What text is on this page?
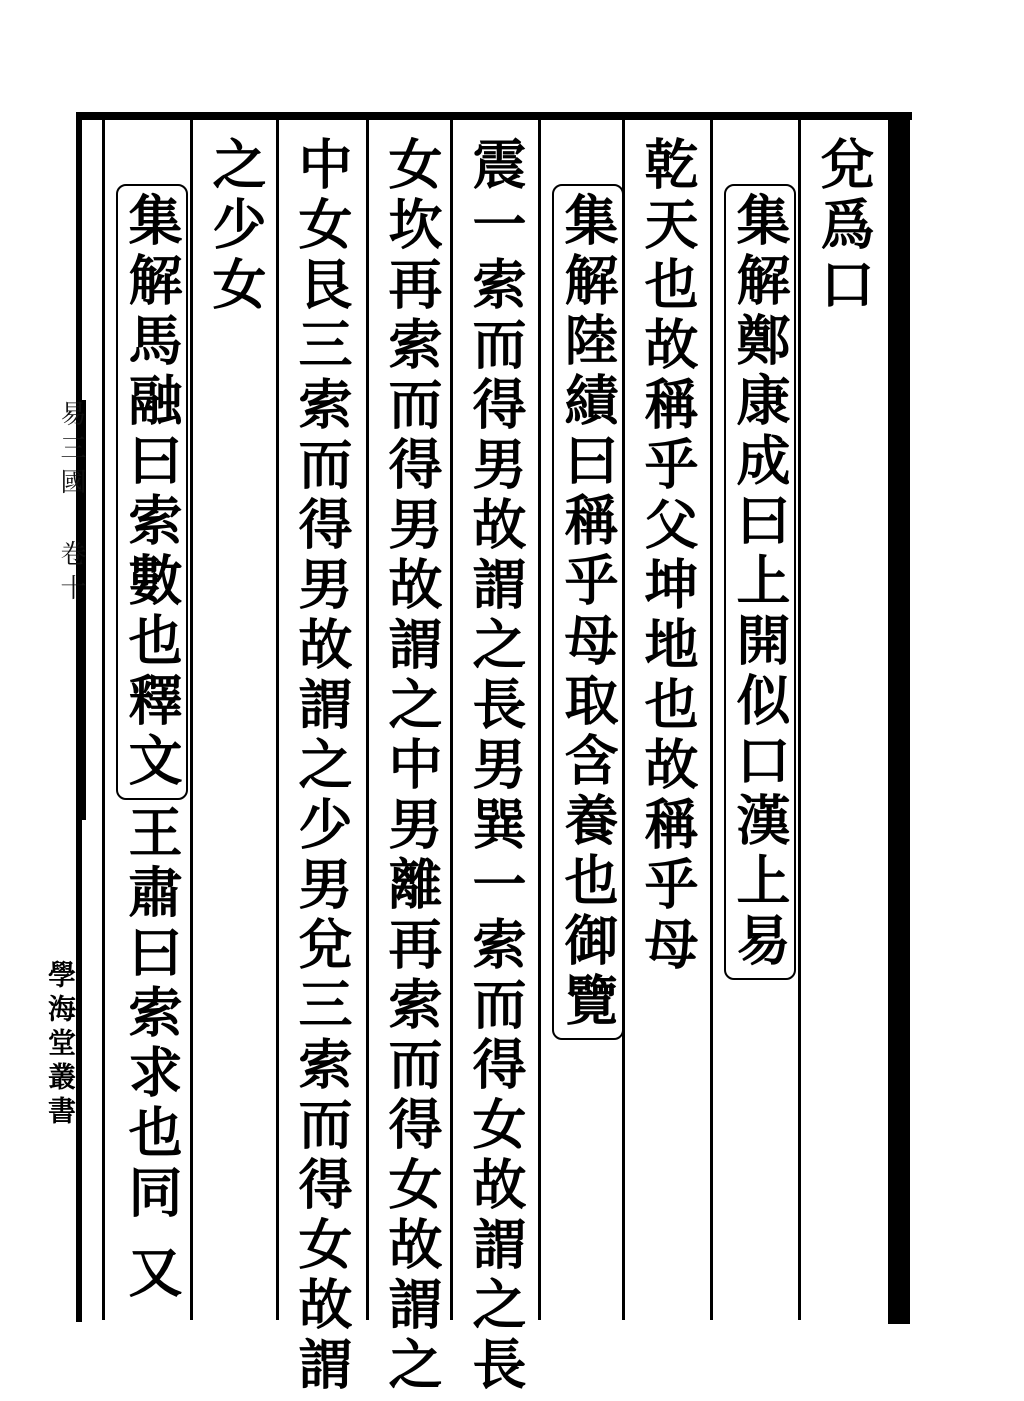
兌爲口
集解鄭康成曰上開似口漢上易
乾天也故稱乎父坤地也故稱乎母
集解陸績曰稱乎母取含養也御覽
震一索而得男故謂之長男巽一索而得女故謂之長
女坎再索而得男故謂之中男離再索而得女故謂之
中女艮三索而得男故謂之少男兌三索而得女故謂
之少女
集解馬融曰索數也釋文王肅曰索求也同又
易三國 卷十
學海堂叢書
